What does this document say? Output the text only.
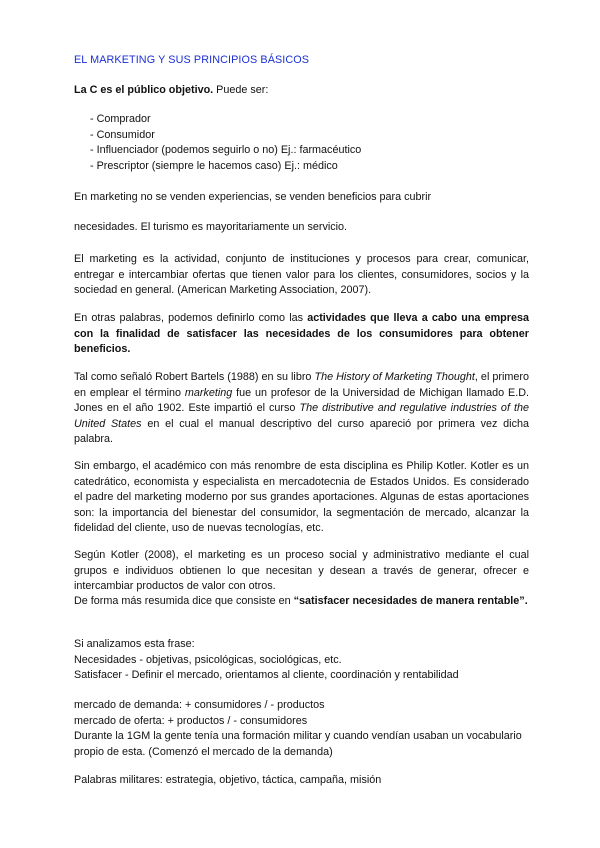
EL MARKETING Y SUS PRINCIPIOS BÁSICOS
La C es el público objetivo. Puede ser:
- Comprador
- Consumidor
- Influenciador (podemos seguirlo o no) Ej.: farmacéutico
- Prescriptor (siempre le hacemos caso) Ej.: médico
En marketing no se venden experiencias, se venden beneficios para cubrir
necesidades. El turismo es mayoritariamente un servicio.
El marketing es la actividad, conjunto de instituciones y procesos para crear, comunicar, entregar e intercambiar ofertas que tienen valor para los clientes, consumidores, socios y la sociedad en general. (American Marketing Association, 2007).
En otras palabras, podemos definirlo como las actividades que lleva a cabo una empresa con la finalidad de satisfacer las necesidades de los consumidores para obtener beneficios.
Tal como señaló Robert Bartels (1988) en su libro The History of Marketing Thought, el primero en emplear el término marketing fue un profesor de la Universidad de Michigan llamado E.D. Jones en el año 1902. Este impartió el curso The distributive and regulative industries of the United States en el cual el manual descriptivo del curso apareció por primera vez dicha palabra.
Sin embargo, el académico con más renombre de esta disciplina es Philip Kotler. Kotler es un catedrático, economista y especialista en mercadotecnia de Estados Unidos. Es considerado el padre del marketing moderno por sus grandes aportaciones. Algunas de estas aportaciones son: la importancia del bienestar del consumidor, la segmentación de mercado, alcanzar la fidelidad del cliente, uso de nuevas tecnologías, etc.
Según Kotler (2008), el marketing es un proceso social y administrativo mediante el cual grupos e individuos obtienen lo que necesitan y desean a través de generar, ofrecer e intercambiar productos de valor con otros.
De forma más resumida dice que consiste en “satisfacer necesidades de manera rentable”.
Si analizamos esta frase:
Necesidades - objetivas, psicológicas, sociológicas, etc.
Satisfacer - Definir el mercado, orientamos al cliente, coordinación y rentabilidad
mercado de demanda: + consumidores / - productos
mercado de oferta: + productos / - consumidores
Durante la 1GM la gente tenía una formación militar y cuando vendían usaban un vocabulario propio de esta. (Comenzó el mercado de la demanda)
Palabras militares: estrategia, objetivo, táctica, campaña, misión
